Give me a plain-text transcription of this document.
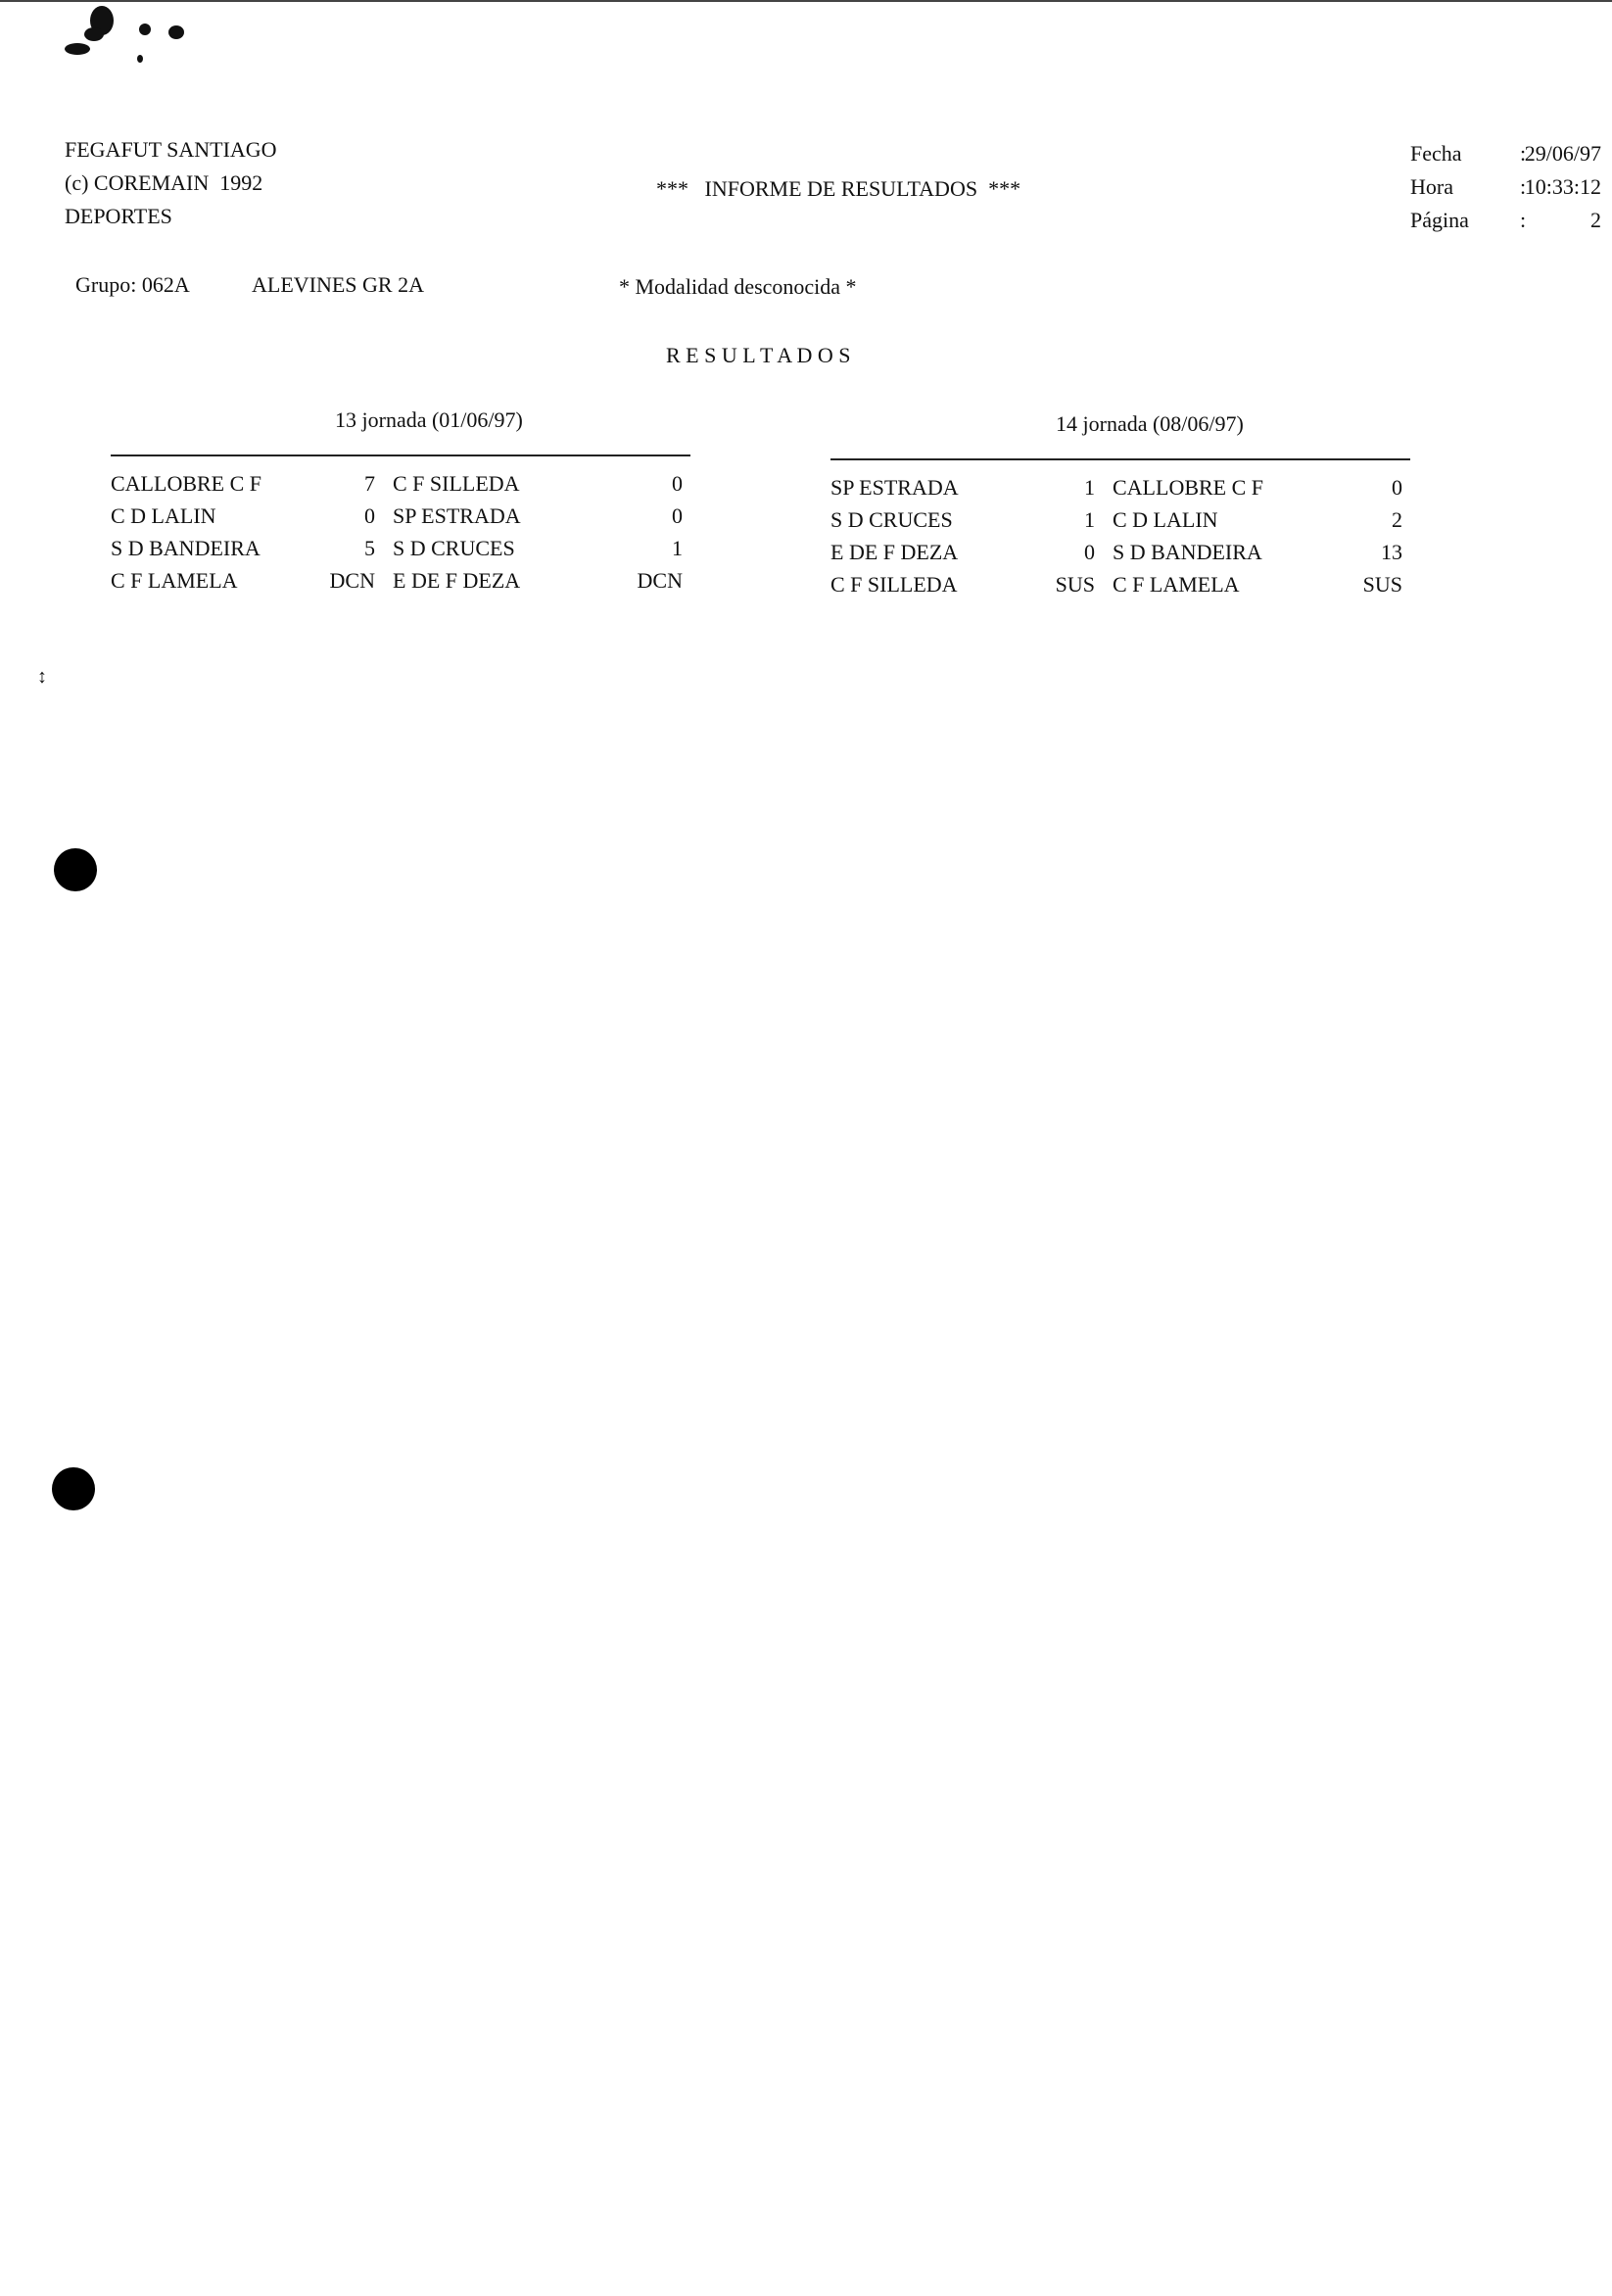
FEGAFUT SANTIAGO
(c) COREMAIN  1992
DEPORTES
***   INFORME DE RESULTADOS  ***
Fecha	:
29/06/97
Hora	:
10:33:12
Página :	2
Grupo: 062A	ALEVINES GR 2A	* Modalidad desconocida *
R E S U L T A D O S
13 jornada (01/06/97)
CALLOBRE C F	7 C F SILLEDA	0
C D LALIN	0 SP ESTRADA	0
S D BANDEIRA	5 S D CRUCES	1
C F LAMELA	DCN E DE F DEZA	DCN
14 jornada (08/06/97)
SP ESTRADA	1 CALLOBRE C F	0
S D CRUCES	1 C D LALIN	2
E DE F DEZA	0 S D BANDEIRA	13
C F SILLEDA	SUS C F LAMELA	SUS
↕
